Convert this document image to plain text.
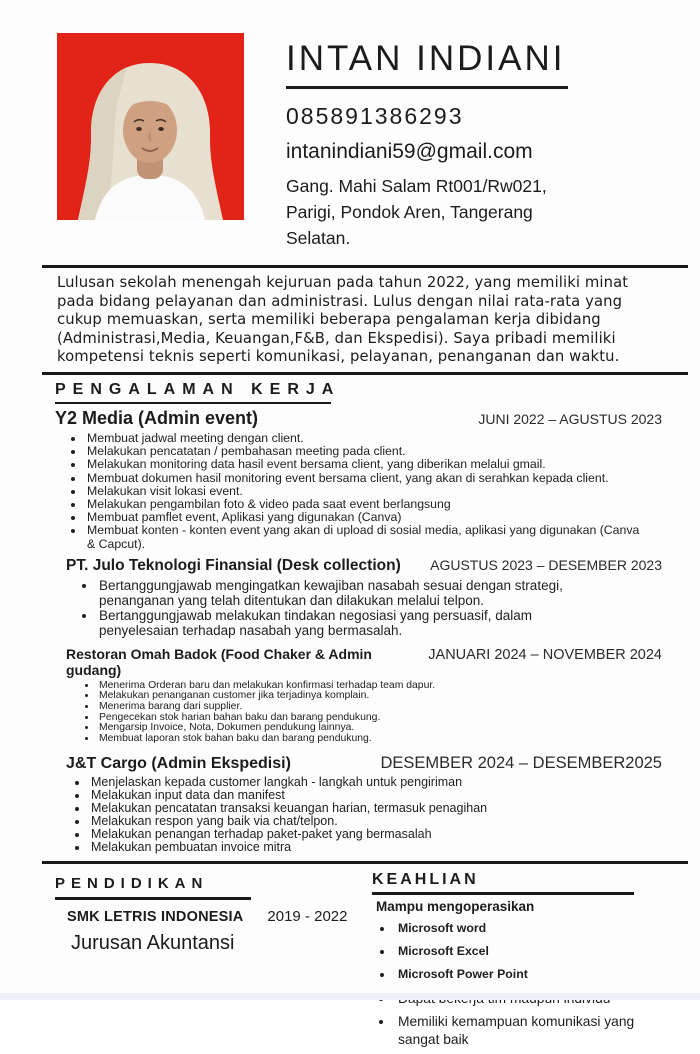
INTAN INDIANI
085891386293
intanindiani59@gmail.com
Gang. Mahi Salam Rt001/Rw021,
Parigi, Pondok Aren, Tangerang
Selatan.

Lulusan sekolah menengah kejuruan pada tahun 2022, yang memiliki minat pada bidang pelayanan dan administrasi. Lulus dengan nilai rata-rata yang cukup memuaskan, serta memiliki beberapa pengalaman kerja dibidang (Administrasi,Media, Keuangan,F&B, dan Ekspedisi). Saya pribadi memiliki kompetensi teknis seperti komunikasi, pelayanan, penanganan dan waktu.

PENGALAMAN KERJA
Y2 Media (Admin event)	JUNI 2022 – AGUSTUS 2023
• Membuat jadwal meeting dengan client.
• Melakukan pencatatan / pembahasan meeting pada client.
• Melakukan monitoring data hasil event bersama client, yang diberikan melalui gmail.
• Membuat dokumen hasil monitoring event bersama client, yang akan di serahkan kepada client.
• Melakukan visit lokasi event.
• Melakukan pengambilan foto & video pada saat event berlangsung
• Membuat pamflet event, Aplikasi yang digunakan (Canva)
• Membuat konten - konten event yang akan di upload di sosial media, aplikasi yang digunakan (Canva & Capcut).
PT. Julo Teknologi Finansial (Desk collection) AGUSTUS 2023 – DESEMBER 2023
• Bertanggungjawab mengingatkan kewajiban nasabah sesuai dengan strategi, penanganan yang telah ditentukan dan dilakukan melalui telpon.
• Bertanggungjawab melakukan tindakan negosiasi yang persuasif, dalam penyelesaian terhadap nasabah yang bermasalah.
Restoran Omah Badok (Food Chaker & Admin gudang)
JANUARI 2024 – NOVEMBER 2024
• Menerima Orderan baru dan melakukan konfirmasi terhadap team dapur.
• Melakukan penanganan customer jika terjadinya komplain.
• Menerima barang dari supplier.
• Pengecekan stok harian bahan baku dan barang pendukung.
• Mengarsip Invoice, Nota, Dokumen pendukung lainnya.
• Membuat laporan stok bahan baku dan barang pendukung.
J&T Cargo (Admin Ekspedisi)	DESEMBER 2024 – DESEMBER2025
• Menjelaskan kepada customer langkah - langkah untuk pengiriman
• Melakukan input data dan manifest
• Melakukan pencatatan transaksi keuangan harian, termasuk penagihan
• Melakukan respon yang baik via chat/telpon.
• Melakukan penangan terhadap paket-paket yang bermasalah
• Melakukan pembuatan invoice mitra
PENDIDIKAN
SMK LETRIS INDONESIA 2019 - 2022
Jurusan Akuntansi
KEAHLIAN

Mampu mengoperasikan

• Microsoft word
• Microsoft Excel
• Microsoft Power Point
•
• Memiliki kemampuan komunikasi yang sangat baik
